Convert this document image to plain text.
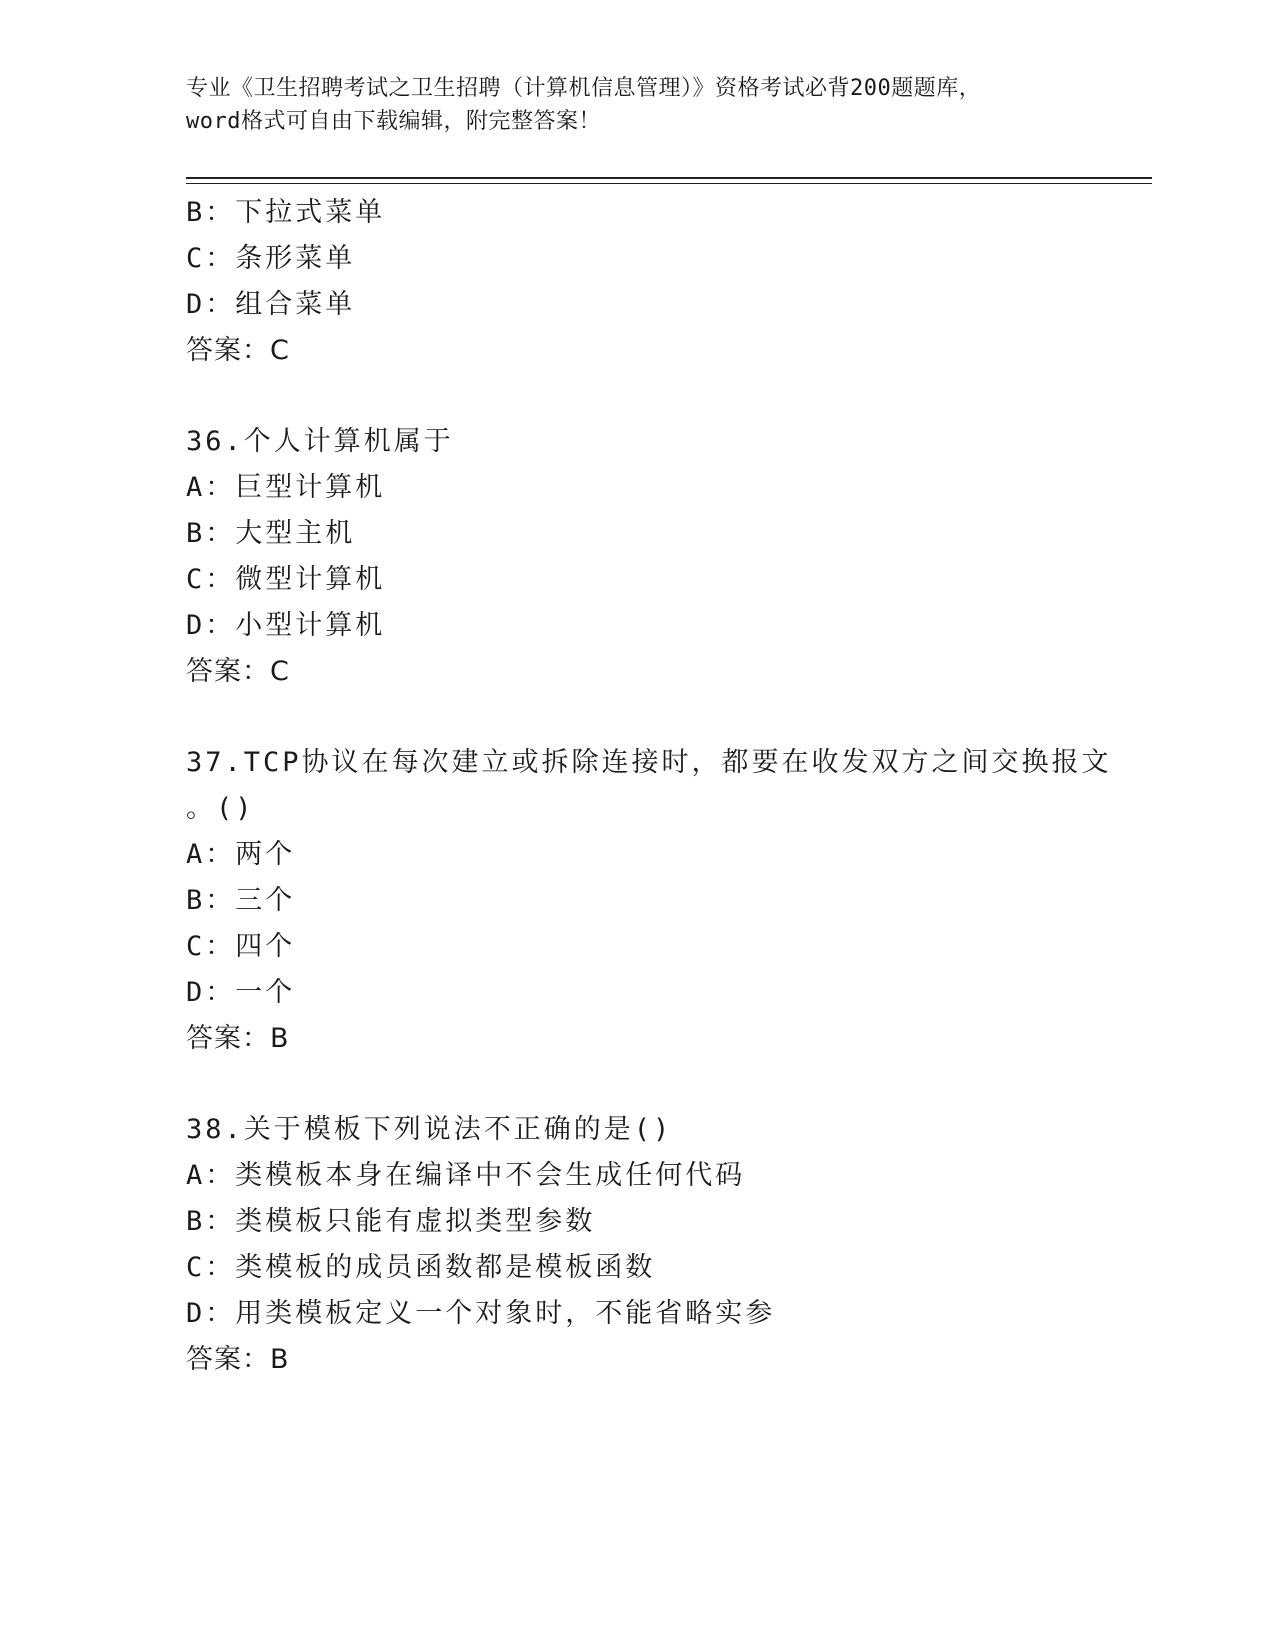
专业《卫生招聘考试之卫生招聘（计算机信息管理）》资格考试必背200题题库，
word格式可自由下载编辑，附完整答案！
B：下拉式菜单
C：条形菜单
D：组合菜单
答案：C
36.个人计算机属于
A：巨型计算机
B：大型主机
C：微型计算机
D：小型计算机
答案：C
37.TCP协议在每次建立或拆除连接时，都要在收发双方之间交换报文
。()
A：两个
B：三个
C：四个
D：一个
答案：B
38.关于模板下列说法不正确的是()
A：类模板本身在编译中不会生成任何代码
B：类模板只能有虚拟类型参数
C：类模板的成员函数都是模板函数
D：用类模板定义一个对象时，不能省略实参
答案：B
